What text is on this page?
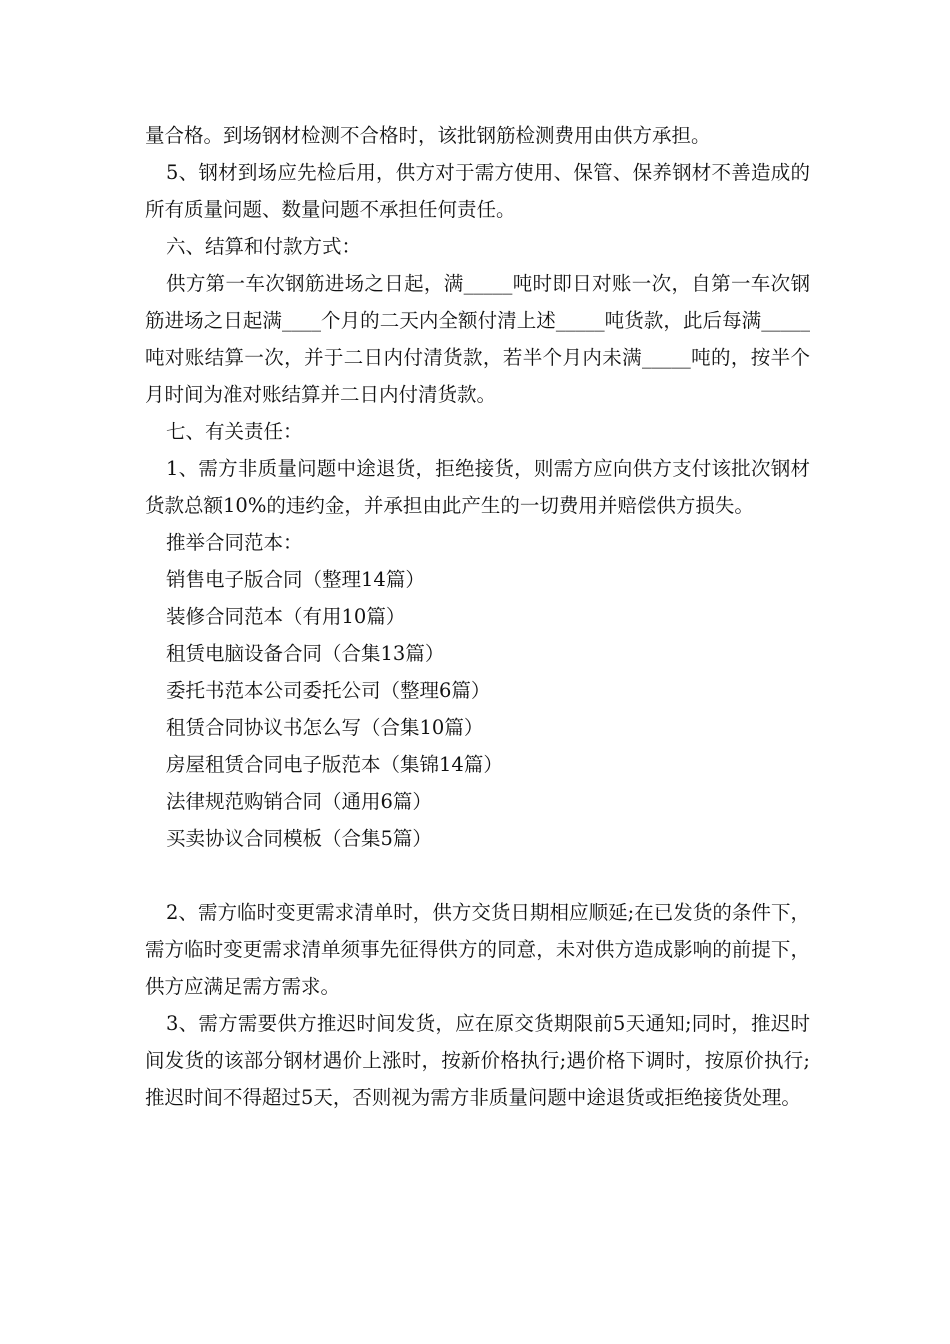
量合格。到场钢材检测不合格时，该批钢筋检测费用由供方承担。

5、钢材到场应先检后用，供方对于需方使用、保管、保养钢材不善造成的所有质量问题、数量问题不承担任何责任。

六、结算和付款方式：

供方第一车次钢筋进场之日起，满_____吨时即日对账一次，自第一车次钢筋进场之日起满____个月的二天内全额付清上述_____吨货款，此后每满_____吨对账结算一次，并于二日内付清货款，若半个月内未满_____吨的，按半个月时间为准对账结算并二日内付清货款。

七、有关责任：

1、需方非质量问题中途退货，拒绝接货，则需方应向供方支付该批次钢材货款总额10%的违约金，并承担由此产生的一切费用并赔偿供方损失。

推举合同范本：

销售电子版合同（整理14篇）
装修合同范本（有用10篇）
租赁电脑设备合同（合集13篇）
委托书范本公司委托公司（整理6篇）
租赁合同协议书怎么写（合集10篇）
房屋租赁合同电子版范本（集锦14篇）
法律规范购销合同（通用6篇）
买卖协议合同模板（合集5篇）

2、需方临时变更需求清单时，供方交货日期相应顺延;在已发货的条件下，需方临时变更需求清单须事先征得供方的同意，未对供方造成影响的前提下，供方应满足需方需求。

3、需方需要供方推迟时间发货，应在原交货期限前5天通知;同时，推迟时间发货的该部分钢材遇价上涨时，按新价格执行;遇价格下调时，按原价执行;推迟时间不得超过5天，否则视为需方非质量问题中途退货或拒绝接货处理。
